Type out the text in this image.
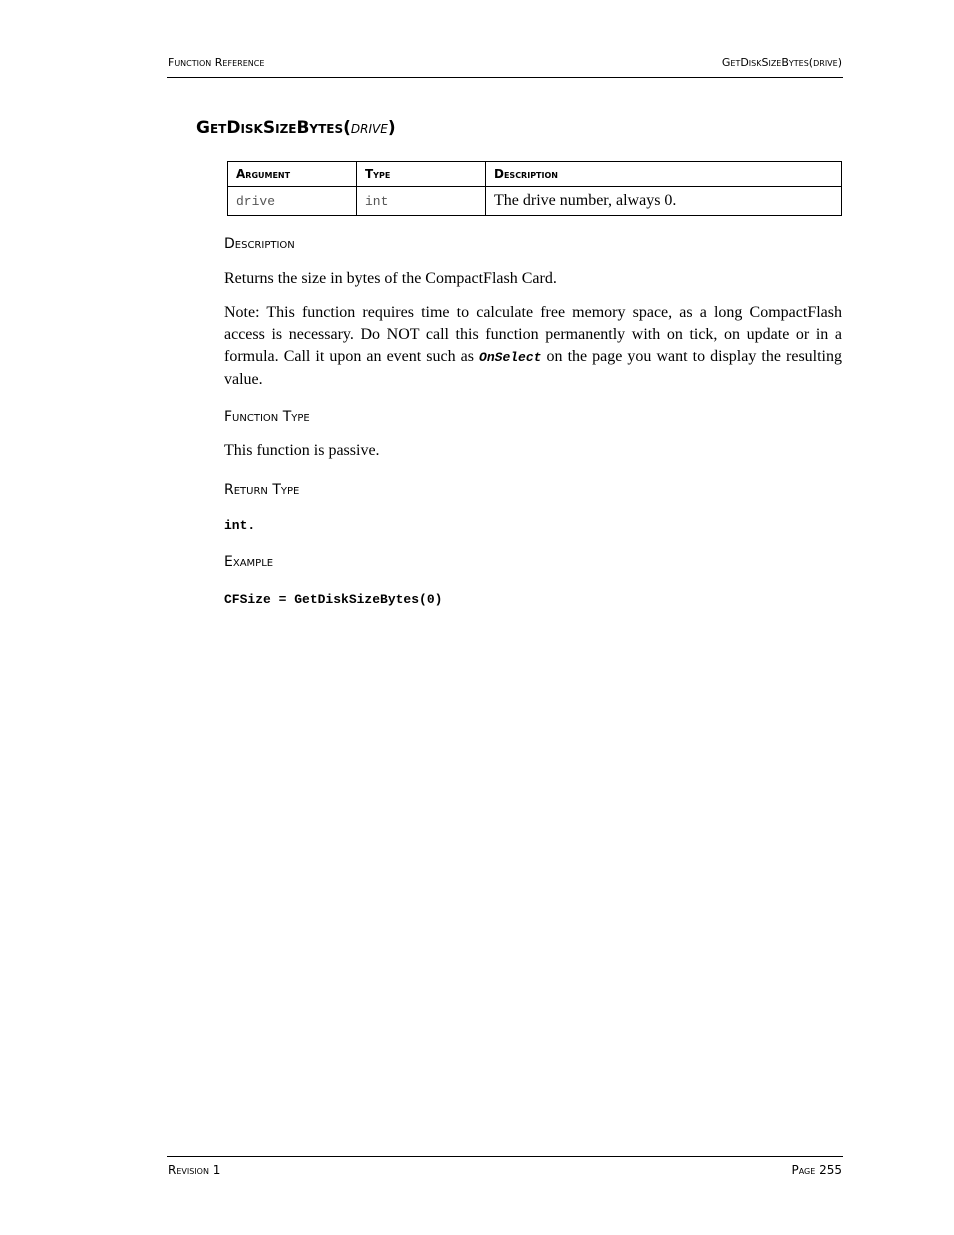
Function Reference	GetDiskSizeBytes(drive)
GetDiskSizeBytes(drive)
Argument	Type	Description
drive	int	The drive number, always 0.
Description

Returns the size in bytes of the CompactFlash Card.

Note: This function requires time to calculate free memory space, as a long CompactFlash access is necessary. Do NOT call this function permanently with on tick, on update or in a formula. Call it upon an event such as OnSelect on the page you want to display the resulting value.

Function Type

This function is passive.

Return Type
int.
Example
CFSize = GetDiskSizeBytes(0)
Revision 1	Page 255
